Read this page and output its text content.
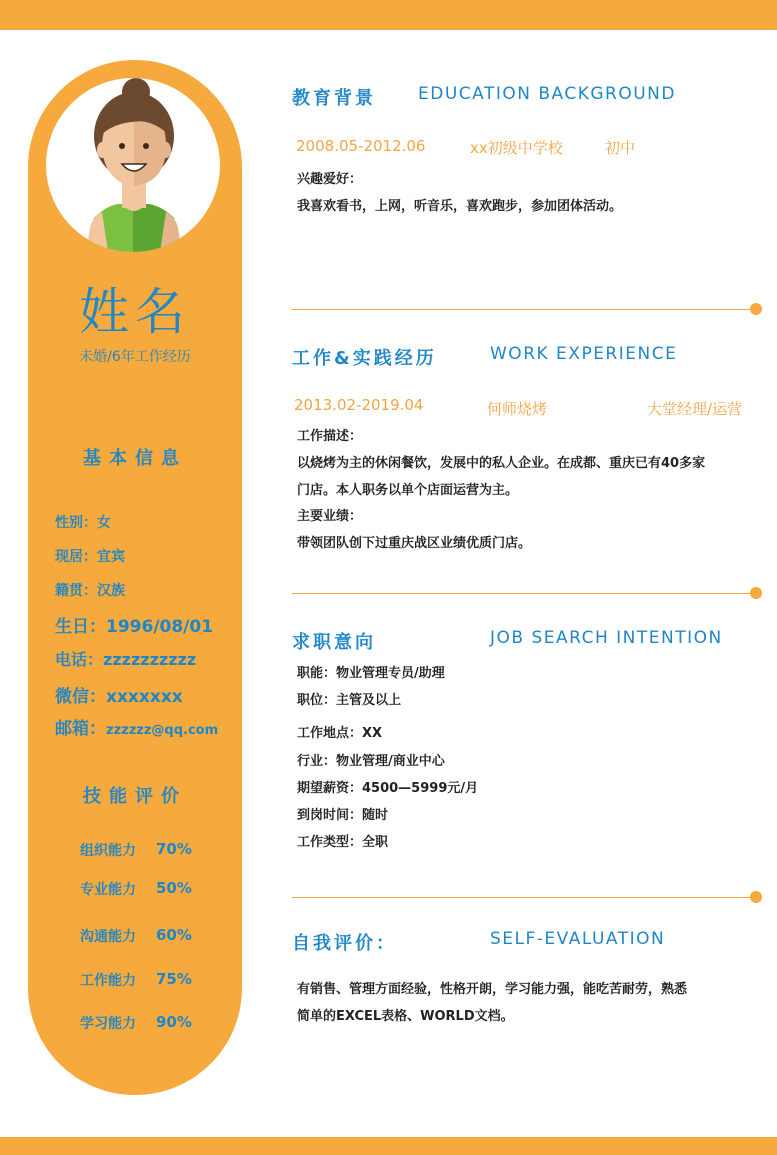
姓名
未婚/6年工作经历
基本信息
性别：女
现居：宜宾
籍贯：汉族
生日：1996/08/01
电话：zzzzzzzzzz
微信：xxxxxxx
邮箱：zzzzzz@qq.com
技能评价
组织能力 70%
专业能力 50%
沟通能力 60%
工作能力 75%
学习能力 90%
教育背景 EDUCATION BACKGROUND
2008.05-2012.06	xx初级中学校	初中
兴趣爱好：
我喜欢看书，上网，听音乐，喜欢跑步，参加团体活动。
工作&实践经历	WORK EXPERIENCE
2013.02-2019.04	何师烧烤	大堂经理/运营
工作描述：
以烧烤为主的休闲餐饮，发展中的私人企业。在成都、重庆已有40多家
门店。本人职务以单个店面运营为主。
主要业绩：
带领团队创下过重庆战区业绩优质门店。
求职意向	JOB SEARCH INTENTION
职能：物业管理专员/助理
职位：主管及以上
工作地点：XX
行业：物业管理/商业中心
期望薪资：4500—5999元/月
到岗时间：随时
工作类型：全职
自我评价：	SELF-EVALUATION
有销售、管理方面经验，性格开朗，学习能力强，能吃苦耐劳，熟悉
简单的EXCEL表格、WORLD文档。
